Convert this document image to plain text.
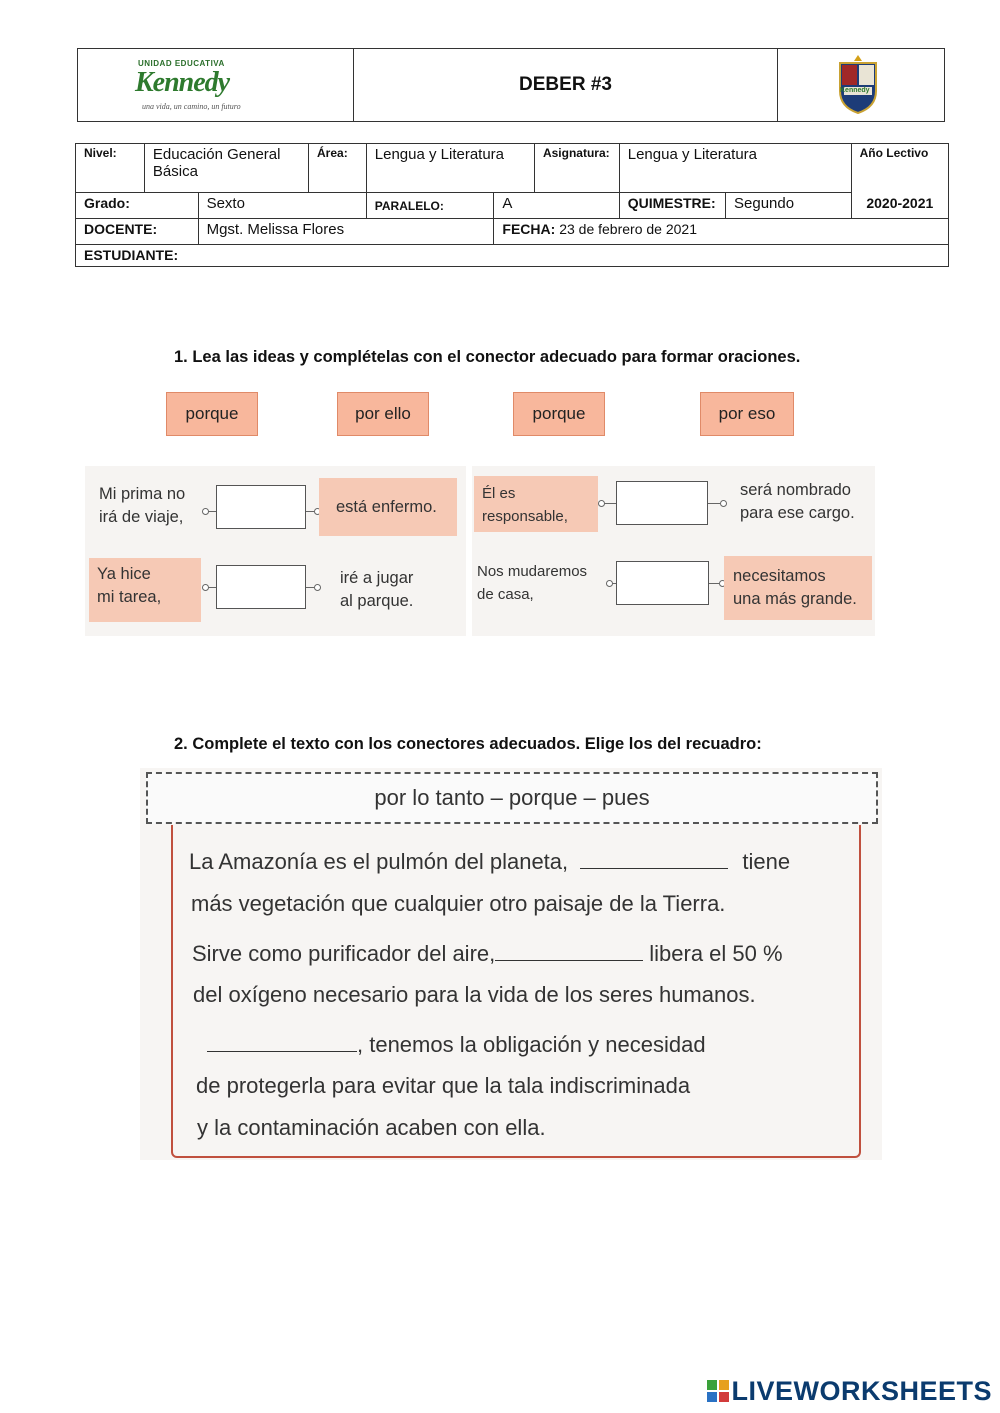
UNIDAD EDUCATIVA
Kennedy
una vida, un camino, un futuro
DEBER #3	Kennedy
Nivel:	Educación General Básica		Área:	Lengua y Literatura		Asignatura:	Lengua y Literatura		Año Lectivo
Grado:		Sexto		PARALELO:	A		QUIMESTRE:	Segundo	2020-2021
DOCENTE:		Mgst. Melissa Flores			FECHA: 23 de febrero de 2021				
ESTUDIANTE:									
1. Lea las ideas y complételas con el conector adecuado para formar oraciones.
porque	por ello	porque	por eso
Mi prima no
irá de viaje,
está enfermo.
Él es
responsable,
será nombrado
para ese cargo.
Ya hice
mi tarea,
iré a jugar
al parque.
Nos mudaremos
de casa,
necesitamos
una más grande.
2. Complete el texto con los conectores adecuados. Elige los del recuadro:
por lo tanto – porque – pues
La Amazonía es el pulmón del planeta,	tiene
más vegetación que cualquier otro paisaje de la Tierra.
Sirve como purificador del aire,	libera el 50 %
del oxígeno necesario para la vida de los seres humanos.
, tenemos la obligación y necesidad
de protegerla para evitar que la tala indiscriminada
y la contaminación acaben con ella.
LIVEWORKSHEETS
